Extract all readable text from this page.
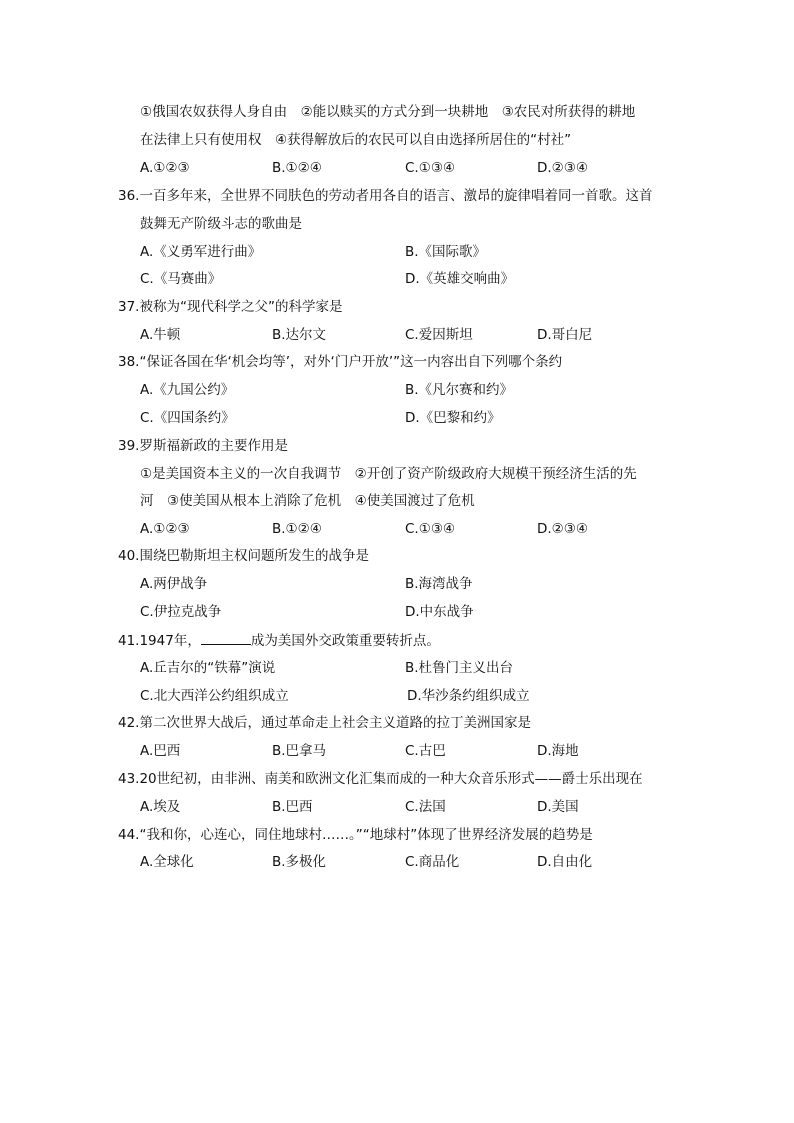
①俄国农奴获得人身自由　②能以赎买的方式分到一块耕地　③农民对所获得的耕地
在法律上只有使用权　④获得解放后的农民可以自由选择所居住的“村社”
A.①②③	B.①②④	C.①③④	D.②③④
36.一百多年来，全世界不同肤色的劳动者用各自的语言、激昂的旋律唱着同一首歌。这首
鼓舞无产阶级斗志的歌曲是
A.《义勇军进行曲》	B.《国际歌》
C.《马赛曲》	D.《英雄交响曲》
37.被称为“现代科学之父”的科学家是
A.牛顿	B.达尔文	C.爱因斯坦	D.哥白尼
38.“保证各国在华‘机会均等’，对外‘门户开放’”这一内容出自下列哪个条约
A.《九国公约》	B.《凡尔赛和约》
C.《四国条约》	D.《巴黎和约》
39.罗斯福新政的主要作用是
①是美国资本主义的一次自我调节　②开创了资产阶级政府大规模干预经济生活的先
河　③使美国从根本上消除了危机　④使美国渡过了危机
A.①②③	B.①②④	C.①③④	D.②③④
40.围绕巴勒斯坦主权问题所发生的战争是
A.两伊战争	B.海湾战争
C.伊拉克战争	D.中东战争
41.1947年，	成为美国外交政策重要转折点。
A.丘吉尔的“铁幕”演说	B.杜鲁门主义出台
C.北大西洋公约组织成立	D.华沙条约组织成立
42.第二次世界大战后，通过革命走上社会主义道路的拉丁美洲国家是
A.巴西	B.巴拿马	C.古巴	D.海地
43.20世纪初，由非洲、南美和欧洲文化汇集而成的一种大众音乐形式——爵士乐出现在
A.埃及	B.巴西	C.法国	D.美国
44.“我和你，心连心，同住地球村……。”“地球村”体现了世界经济发展的趋势是
A.全球化	B.多极化	C.商品化	D.自由化
